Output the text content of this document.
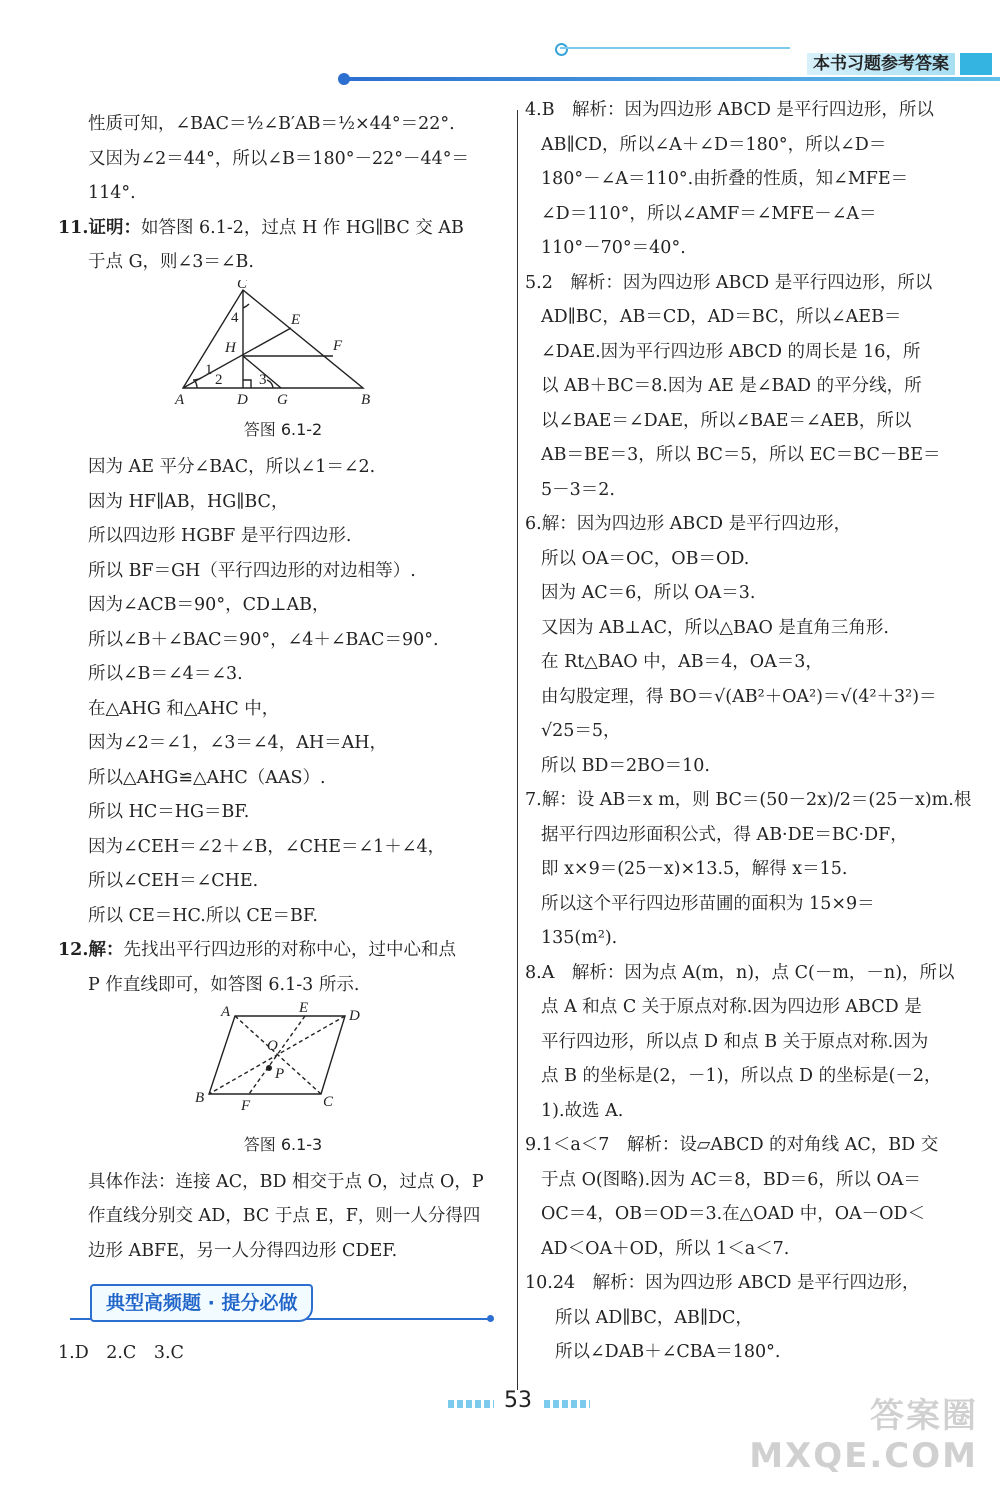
本书习题参考答案

性质可知，∠BAC＝½∠B′AB＝½×44°＝22°.

又因为∠2＝44°，所以∠B＝180°－22°－44°＝

114°.

11.证明：如答图 6.1-2，过点 H 作 HG∥BC 交 AB

于点 G，则∠3＝∠B.

C
E
4
H	F
1
2 3
A	D G	B
答图 6.1-2

因为 AE 平分∠BAC，所以∠1＝∠2.

因为 HF∥AB，HG∥BC，

所以四边形 HGBF 是平行四边形.

所以 BF＝GH（平行四边形的对边相等）.

因为∠ACB＝90°，CD⊥AB，

所以∠B＋∠BAC＝90°，∠4＋∠BAC＝90°.

所以∠B＝∠4＝∠3.

在△AHG 和△AHC 中，

因为∠2＝∠1，∠3＝∠4，AH＝AH，

所以△AHG≌△AHC（AAS）.

所以 HC＝HG＝BF.

因为∠CEH＝∠2＋∠B，∠CHE＝∠1＋∠4，

所以∠CEH＝∠CHE.

所以 CE＝HC.所以 CE＝BF.

12.解：先找出平行四边形的对称中心，过中心和点

P 作直线即可，如答图 6.1-3 所示.

A	E	D
O
P
B F	C
答图 6.1-3

具体作法：连接 AC，BD 相交于点 O，过点 O，P

作直线分别交 AD，BC 于点 E，F，则一人分得四

边形 ABFE，另一人分得四边形 CDEF.

典型高频题 · 提分必做

1.D　2.C　3.C

4.B　解析：因为四边形 ABCD 是平行四边形，所以

AB∥CD，所以∠A＋∠D＝180°，所以∠D＝

180°－∠A＝110°.由折叠的性质，知∠MFE＝

∠D＝110°，所以∠AMF＝∠MFE－∠A＝

110°－70°＝40°.

5.2　解析：因为四边形 ABCD 是平行四边形，所以

AD∥BC，AB＝CD，AD＝BC，所以∠AEB＝

∠DAE.因为平行四边形 ABCD 的周长是 16，所

以 AB＋BC＝8.因为 AE 是∠BAD 的平分线，所

以∠BAE＝∠DAE，所以∠BAE＝∠AEB，所以

AB＝BE＝3，所以 BC＝5，所以 EC＝BC－BE＝

5－3＝2.

6.解：因为四边形 ABCD 是平行四边形，

所以 OA＝OC，OB＝OD.

因为 AC＝6，所以 OA＝3.

又因为 AB⊥AC，所以△BAO 是直角三角形.

在 Rt△BAO 中，AB＝4，OA＝3，

由勾股定理，得 BO＝√(AB²＋OA²)＝√(4²＋3²)＝

√25＝5，

所以 BD＝2BO＝10.

7.解：设 AB＝x m，则 BC＝(50－2x)/2＝(25－x)m.根

据平行四边形面积公式，得 AB·DE＝BC·DF，

即 x×9＝(25－x)×13.5，解得 x＝15.

所以这个平行四边形苗圃的面积为 15×9＝

135(m²).

8.A　解析：因为点 A(m，n)，点 C(－m，－n)，所以

点 A 和点 C 关于原点对称.因为四边形 ABCD 是

平行四边形，所以点 D 和点 B 关于原点对称.因为

点 B 的坐标是(2，－1)，所以点 D 的坐标是(－2，

1).故选 A.

9.1＜a＜7　解析：设▱ABCD 的对角线 AC，BD 交

于点 O(图略).因为 AC＝8，BD＝6，所以 OA＝

OC＝4，OB＝OD＝3.在△OAD 中，OA－OD＜

AD＜OA＋OD，所以 1＜a＜7.

10.24　解析：因为四边形 ABCD 是平行四边形，

所以 AD∥BC，AB∥DC，

所以∠DAB＋∠CBA＝180°.

53	答案圈
MXQE.COM
